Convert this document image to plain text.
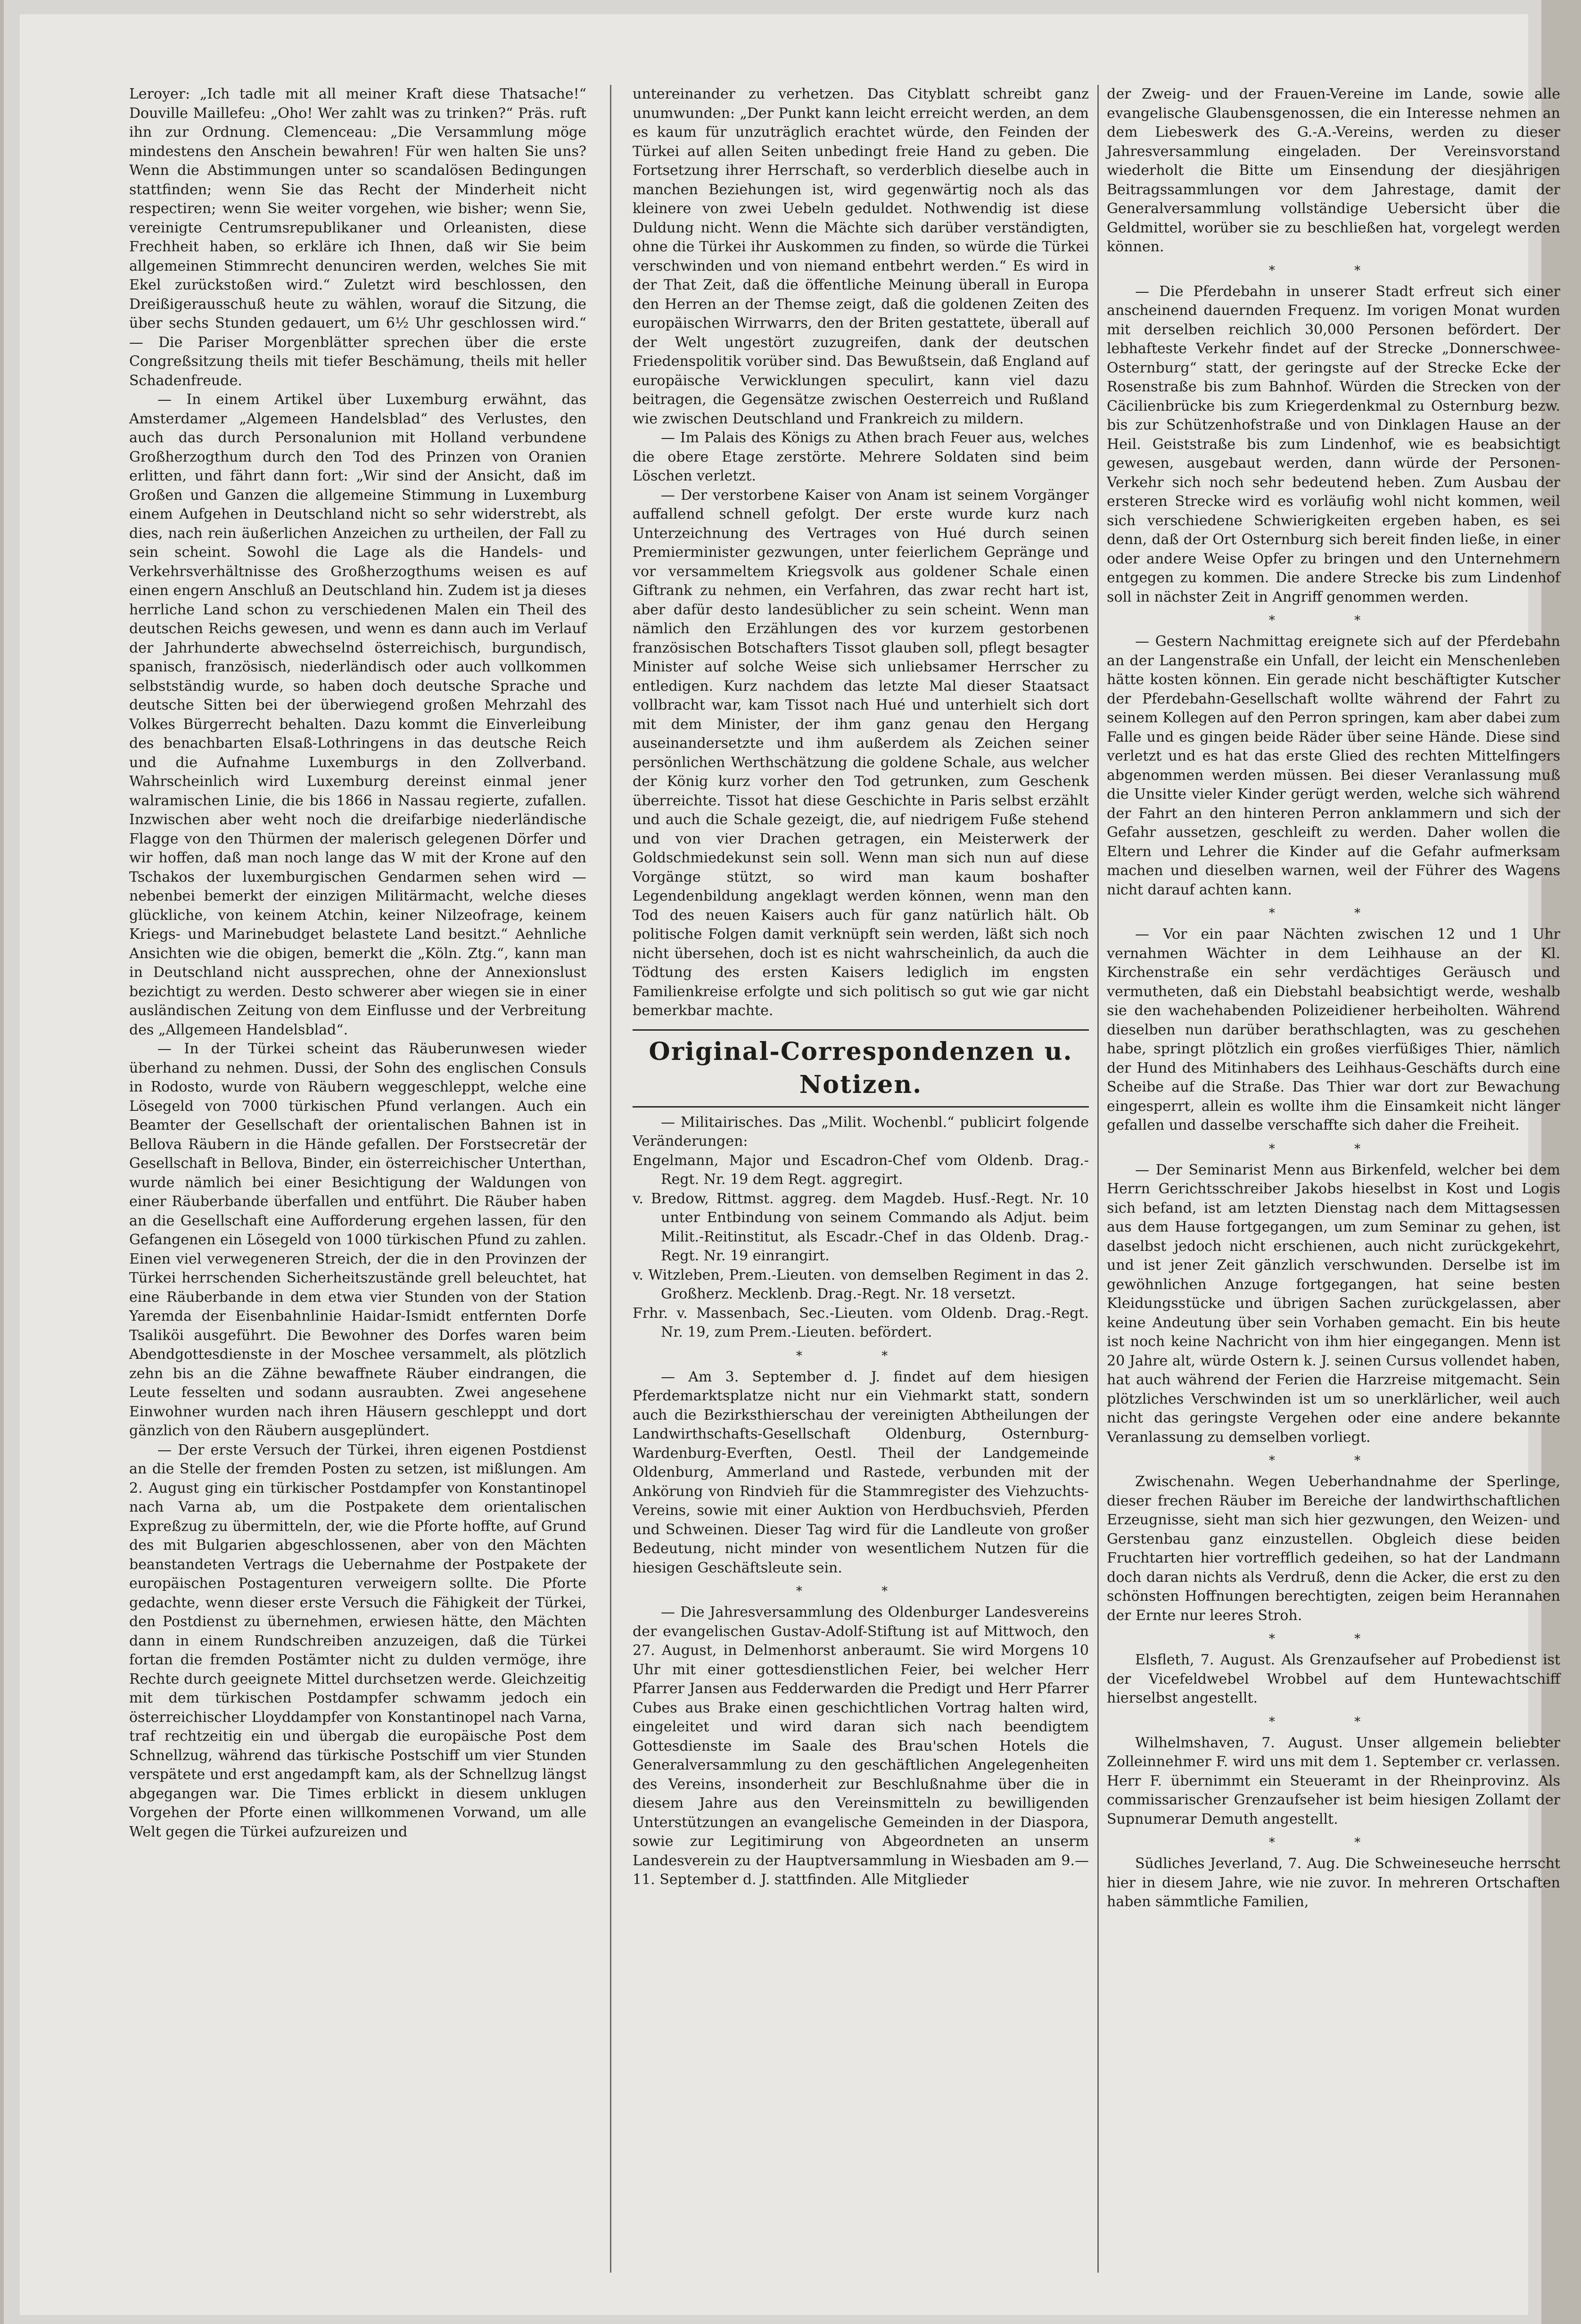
Leroyer: „Ich tadle mit all meiner Kraft diese Thatsache!“ Douville Maillefeu: „Oho! Wer zahlt was zu trinken?“ Präs. ruft ihn zur Ordnung. Clemenceau: „Die Versammlung möge mindestens den Anschein bewahren! Für wen halten Sie uns? Wenn die Abstimmungen unter so scandalösen Bedingungen stattfinden; wenn Sie das Recht der Minderheit nicht respectiren; wenn Sie weiter vorgehen, wie bisher; wenn Sie, vereinigte Centrumsrepublikaner und Orleanisten, diese Frechheit haben, so erkläre ich Ihnen, daß wir Sie beim allgemeinen Stimmrecht denunciren werden, welches Sie mit Ekel zurückstoßen wird.“ Zuletzt wird beschlossen, den Dreißigerausschuß heute zu wählen, worauf die Sitzung, die über sechs Stunden gedauert, um 6½ Uhr geschlossen wird.“ — Die Pariser Morgenblätter sprechen über die erste Congreßsitzung theils mit tiefer Beschämung, theils mit heller Schadenfreude.

— In einem Artikel über Luxemburg erwähnt, das Amsterdamer „Algemeen Handelsblad“ des Verlustes, den auch das durch Personalunion mit Holland verbundene Großherzogthum durch den Tod des Prinzen von Oranien erlitten, und fährt dann fort: „Wir sind der Ansicht, daß im Großen und Ganzen die allgemeine Stimmung in Luxemburg einem Aufgehen in Deutschland nicht so sehr widerstrebt, als dies, nach rein äußerlichen Anzeichen zu urtheilen, der Fall zu sein scheint. Sowohl die Lage als die Handels- und Verkehrsverhältnisse des Großherzogthums weisen es auf einen engern Anschluß an Deutschland hin. Zudem ist ja dieses herrliche Land schon zu verschiedenen Malen ein Theil des deutschen Reichs gewesen, und wenn es dann auch im Verlauf der Jahrhunderte abwechselnd österreichisch, burgundisch, spanisch, französisch, niederländisch oder auch vollkommen selbstständig wurde, so haben doch deutsche Sprache und deutsche Sitten bei der überwiegend großen Mehrzahl des Volkes Bürgerrecht behalten. Dazu kommt die Einverleibung des benachbarten Elsaß-Lothringens in das deutsche Reich und die Aufnahme Luxemburgs in den Zollverband. Wahrscheinlich wird Luxemburg dereinst einmal jener walramischen Linie, die bis 1866 in Nassau regierte, zufallen. Inzwischen aber weht noch die dreifarbige niederländische Flagge von den Thürmen der malerisch gelegenen Dörfer und wir hoffen, daß man noch lange das W mit der Krone auf den Tschakos der luxemburgischen Gendarmen sehen wird — nebenbei bemerkt der einzigen Militärmacht, welche dieses glückliche, von keinem Atchin, keiner Nilzeofrage, keinem Kriegs- und Marinebudget belastete Land besitzt.“ Aehnliche Ansichten wie die obigen, bemerkt die „Köln. Ztg.“, kann man in Deutschland nicht aussprechen, ohne der Annexionslust bezichtigt zu werden. Desto schwerer aber wiegen sie in einer ausländischen Zeitung von dem Einflusse und der Verbreitung des „Allgemeen Handelsblad“.

— In der Türkei scheint das Räuberunwesen wieder überhand zu nehmen. Dussi, der Sohn des englischen Consuls in Rodosto, wurde von Räubern weggeschleppt, welche eine Lösegeld von 7000 türkischen Pfund verlangen. Auch ein Beamter der Gesellschaft der orientalischen Bahnen ist in Bellova Räubern in die Hände gefallen. Der Forstsecretär der Gesellschaft in Bellova, Binder, ein österreichischer Unterthan, wurde nämlich bei einer Besichtigung der Waldungen von einer Räuberbande überfallen und entführt. Die Räuber haben an die Gesellschaft eine Aufforderung ergehen lassen, für den Gefangenen ein Lösegeld von 1000 türkischen Pfund zu zahlen. Einen viel verwegeneren Streich, der die in den Provinzen der Türkei herrschenden Sicherheitszustände grell beleuchtet, hat eine Räuberbande in dem etwa vier Stunden von der Station Yaremda der Eisenbahnlinie Haidar-Ismidt entfernten Dorfe Tsaliköi ausgeführt. Die Bewohner des Dorfes waren beim Abendgottesdienste in der Moschee versammelt, als plötzlich zehn bis an die Zähne bewaffnete Räuber eindrangen, die Leute fesselten und sodann ausraubten. Zwei angesehene Einwohner wurden nach ihren Häusern geschleppt und dort gänzlich von den Räubern ausgeplündert.

— Der erste Versuch der Türkei, ihren eigenen Postdienst an die Stelle der fremden Posten zu setzen, ist mißlungen. Am 2. August ging ein türkischer Postdampfer von Konstantinopel nach Varna ab, um die Postpakete dem orientalischen Expreßzug zu übermitteln, der, wie die Pforte hoffte, auf Grund des mit Bulgarien abgeschlossenen, aber von den Mächten beanstandeten Vertrags die Uebernahme der Postpakete der europäischen Postagenturen verweigern sollte. Die Pforte gedachte, wenn dieser erste Versuch die Fähigkeit der Türkei, den Postdienst zu übernehmen, erwiesen hätte, den Mächten dann in einem Rundschreiben anzuzeigen, daß die Türkei fortan die fremden Postämter nicht zu dulden vermöge, ihre Rechte durch geeignete Mittel durchsetzen werde. Gleichzeitig mit dem türkischen Postdampfer schwamm jedoch ein österreichischer Lloyddampfer von Konstantinopel nach Varna, traf rechtzeitig ein und übergab die europäische Post dem Schnellzug, während das türkische Postschiff um vier Stunden verspätete und erst angedampft kam, als der Schnellzug längst abgegangen war. Die Times erblickt in diesem unklugen Vorgehen der Pforte einen willkommenen Vorwand, um alle Welt gegen die Türkei aufzureizen und

untereinander zu verhetzen. Das Cityblatt schreibt ganz unumwunden: „Der Punkt kann leicht erreicht werden, an dem es kaum für unzuträglich erachtet würde, den Feinden der Türkei auf allen Seiten unbedingt freie Hand zu geben. Die Fortsetzung ihrer Herrschaft, so verderblich dieselbe auch in manchen Beziehungen ist, wird gegenwärtig noch als das kleinere von zwei Uebeln geduldet. Nothwendig ist diese Duldung nicht. Wenn die Mächte sich darüber verständigten, ohne die Türkei ihr Auskommen zu finden, so würde die Türkei verschwinden und von niemand entbehrt werden.“ Es wird in der That Zeit, daß die öffentliche Meinung überall in Europa den Herren an der Themse zeigt, daß die goldenen Zeiten des europäischen Wirrwarrs, den der Briten gestattete, überall auf der Welt ungestört zuzugreifen, dank der deutschen Friedenspolitik vorüber sind. Das Bewußtsein, daß England auf europäische Verwicklungen speculirt, kann viel dazu beitragen, die Gegensätze zwischen Oesterreich und Rußland wie zwischen Deutschland und Frankreich zu mildern.

— Im Palais des Königs zu Athen brach Feuer aus, welches die obere Etage zerstörte. Mehrere Soldaten sind beim Löschen verletzt.

— Der verstorbene Kaiser von Anam ist seinem Vorgänger auffallend schnell gefolgt. Der erste wurde kurz nach Unterzeichnung des Vertrages von Hué durch seinen Premierminister gezwungen, unter feierlichem Gepränge und vor versammeltem Kriegsvolk aus goldener Schale einen Giftrank zu nehmen, ein Verfahren, das zwar recht hart ist, aber dafür desto landesüblicher zu sein scheint. Wenn man nämlich den Erzählungen des vor kurzem gestorbenen französischen Botschafters Tissot glauben soll, pflegt besagter Minister auf solche Weise sich unliebsamer Herrscher zu entledigen. Kurz nachdem das letzte Mal dieser Staatsact vollbracht war, kam Tissot nach Hué und unterhielt sich dort mit dem Minister, der ihm ganz genau den Hergang auseinandersetzte und ihm außerdem als Zeichen seiner persönlichen Werthschätzung die goldene Schale, aus welcher der König kurz vorher den Tod getrunken, zum Geschenk überreichte. Tissot hat diese Geschichte in Paris selbst erzählt und auch die Schale gezeigt, die, auf niedrigem Fuße stehend und von vier Drachen getragen, ein Meisterwerk der Goldschmiedekunst sein soll. Wenn man sich nun auf diese Vorgänge stützt, so wird man kaum boshafter Legendenbildung angeklagt werden können, wenn man den Tod des neuen Kaisers auch für ganz natürlich hält. Ob politische Folgen damit verknüpft sein werden, läßt sich noch nicht übersehen, doch ist es nicht wahrscheinlich, da auch die Tödtung des ersten Kaisers lediglich im engsten Familienkreise erfolgte und sich politisch so gut wie gar nicht bemerkbar machte.

Original-Correspondenzen u. Notizen.

— Militairisches. Das „Milit. Wochenbl.“ publicirt folgende Veränderungen:

Engelmann, Major und Escadron-Chef vom Oldenb. Drag.-Regt. Nr. 19 dem Regt. aggregirt.

v. Bredow, Rittmst. aggreg. dem Magdeb. Husf.-Regt. Nr. 10 unter Entbindung von seinem Commando als Adjut. beim Milit.-Reitinstitut, als Escadr.-Chef in das Oldenb. Drag.-Regt. Nr. 19 einrangirt.

v. Witzleben, Prem.-Lieuten. von demselben Regiment in das 2. Großherz. Mecklenb. Drag.-Regt. Nr. 18 versetzt.

Frhr. v. Massenbach, Sec.-Lieuten. vom Oldenb. Drag.-Regt. Nr. 19, zum Prem.-Lieuten. befördert.

* *

— Am 3. September d. J. findet auf dem hiesigen Pferdemarktsplatze nicht nur ein Viehmarkt statt, sondern auch die Bezirksthierschau der vereinigten Abtheilungen der Landwirthschafts-Gesellschaft Oldenburg, Osternburg-Wardenburg-Everften, Oestl. Theil der Landgemeinde Oldenburg, Ammerland und Rastede, verbunden mit der Ankörung von Rindvieh für die Stammregister des Viehzuchts-Vereins, sowie mit einer Auktion von Herdbuchsvieh, Pferden und Schweinen. Dieser Tag wird für die Landleute von großer Bedeutung, nicht minder von wesentlichem Nutzen für die hiesigen Geschäftsleute sein.

* *

— Die Jahresversammlung des Oldenburger Landesvereins der evangelischen Gustav-Adolf-Stiftung ist auf Mittwoch, den 27. August, in Delmenhorst anberaumt. Sie wird Morgens 10 Uhr mit einer gottesdienstlichen Feier, bei welcher Herr Pfarrer Jansen aus Fedderwarden die Predigt und Herr Pfarrer Cubes aus Brake einen geschichtlichen Vortrag halten wird, eingeleitet und wird daran sich nach beendigtem Gottesdienste im Saale des Brau'schen Hotels die Generalversammlung zu den geschäftlichen Angelegenheiten des Vereins, insonderheit zur Beschlußnahme über die in diesem Jahre aus den Vereinsmitteln zu bewilligenden Unterstützungen an evangelische Gemeinden in der Diaspora, sowie zur Legitimirung von Abgeordneten an unserm Landesverein zu der Hauptversammlung in Wiesbaden am 9.—11. September d. J. stattfinden. Alle Mitglieder

der Zweig- und der Frauen-Vereine im Lande, sowie alle evangelische Glaubensgenossen, die ein Interesse nehmen an dem Liebeswerk des G.-A.-Vereins, werden zu dieser Jahresversammlung eingeladen. Der Vereinsvorstand wiederholt die Bitte um Einsendung der diesjährigen Beitragssammlungen vor dem Jahrestage, damit der Generalversammlung vollständige Uebersicht über die Geldmittel, worüber sie zu beschließen hat, vorgelegt werden können.

* *

— Die Pferdebahn in unserer Stadt erfreut sich einer anscheinend dauernden Frequenz. Im vorigen Monat wurden mit derselben reichlich 30,000 Personen befördert. Der lebhafteste Verkehr findet auf der Strecke „Donnerschwee-Osternburg“ statt, der geringste auf der Strecke Ecke der Rosenstraße bis zum Bahnhof. Würden die Strecken von der Cäcilienbrücke bis zum Kriegerdenkmal zu Osternburg bezw. bis zur Schützenhofstraße und von Dinklagen Hause an der Heil. Geiststraße bis zum Lindenhof, wie es beabsichtigt gewesen, ausgebaut werden, dann würde der Personen-Verkehr sich noch sehr bedeutend heben. Zum Ausbau der ersteren Strecke wird es vorläufig wohl nicht kommen, weil sich verschiedene Schwierigkeiten ergeben haben, es sei denn, daß der Ort Osternburg sich bereit finden ließe, in einer oder andere Weise Opfer zu bringen und den Unternehmern entgegen zu kommen. Die andere Strecke bis zum Lindenhof soll in nächster Zeit in Angriff genommen werden.

* *

— Gestern Nachmittag ereignete sich auf der Pferdebahn an der Langenstraße ein Unfall, der leicht ein Menschenleben hätte kosten können. Ein gerade nicht beschäftigter Kutscher der Pferdebahn-Gesellschaft wollte während der Fahrt zu seinem Kollegen auf den Perron springen, kam aber dabei zum Falle und es gingen beide Räder über seine Hände. Diese sind verletzt und es hat das erste Glied des rechten Mittelfingers abgenommen werden müssen. Bei dieser Veranlassung muß die Unsitte vieler Kinder gerügt werden, welche sich während der Fahrt an den hinteren Perron anklammern und sich der Gefahr aussetzen, geschleift zu werden. Daher wollen die Eltern und Lehrer die Kinder auf die Gefahr aufmerksam machen und dieselben warnen, weil der Führer des Wagens nicht darauf achten kann.

* *

— Vor ein paar Nächten zwischen 12 und 1 Uhr vernahmen Wächter in dem Leihhause an der Kl. Kirchenstraße ein sehr verdächtiges Geräusch und vermutheten, daß ein Diebstahl beabsichtigt werde, weshalb sie den wachehabenden Polizeidiener herbeiholten. Während dieselben nun darüber berathschlagten, was zu geschehen habe, springt plötzlich ein großes vierfüßiges Thier, nämlich der Hund des Mitinhabers des Leihhaus-Geschäfts durch eine Scheibe auf die Straße. Das Thier war dort zur Bewachung eingesperrt, allein es wollte ihm die Einsamkeit nicht länger gefallen und dasselbe verschaffte sich daher die Freiheit.

* *

— Der Seminarist Menn aus Birkenfeld, welcher bei dem Herrn Gerichtsschreiber Jakobs hieselbst in Kost und Logis sich befand, ist am letzten Dienstag nach dem Mittagsessen aus dem Hause fortgegangen, um zum Seminar zu gehen, ist daselbst jedoch nicht erschienen, auch nicht zurückgekehrt, und ist jener Zeit gänzlich verschwunden. Derselbe ist im gewöhnlichen Anzuge fortgegangen, hat seine besten Kleidungsstücke und übrigen Sachen zurückgelassen, aber keine Andeutung über sein Vorhaben gemacht. Ein bis heute ist noch keine Nachricht von ihm hier eingegangen. Menn ist 20 Jahre alt, würde Ostern k. J. seinen Cursus vollendet haben, hat auch während der Ferien die Harzreise mitgemacht. Sein plötzliches Verschwinden ist um so unerklärlicher, weil auch nicht das geringste Vergehen oder eine andere bekannte Veranlassung zu demselben vorliegt.

* *

Zwischenahn. Wegen Ueberhandnahme der Sperlinge, dieser frechen Räuber im Bereiche der landwirthschaftlichen Erzeugnisse, sieht man sich hier gezwungen, den Weizen- und Gerstenbau ganz einzustellen. Obgleich diese beiden Fruchtarten hier vortrefflich gedeihen, so hat der Landmann doch daran nichts als Verdruß, denn die Acker, die erst zu den schönsten Hoffnungen berechtigten, zeigen beim Herannahen der Ernte nur leeres Stroh.

* *

Elsfleth, 7. August. Als Grenzaufseher auf Probedienst ist der Vicefeldwebel Wrobbel auf dem Huntewachtschiff hierselbst angestellt.

* *

Wilhelmshaven, 7. August. Unser allgemein beliebter Zolleinnehmer F. wird uns mit dem 1. September cr. verlassen. Herr F. übernimmt ein Steueramt in der Rheinprovinz. Als commissarischer Grenzaufseher ist beim hiesigen Zollamt der Supnumerar Demuth angestellt.

* *

Südliches Jeverland, 7. Aug. Die Schweineseuche herrscht hier in diesem Jahre, wie nie zuvor. In mehreren Ortschaften haben sämmtliche Familien,
